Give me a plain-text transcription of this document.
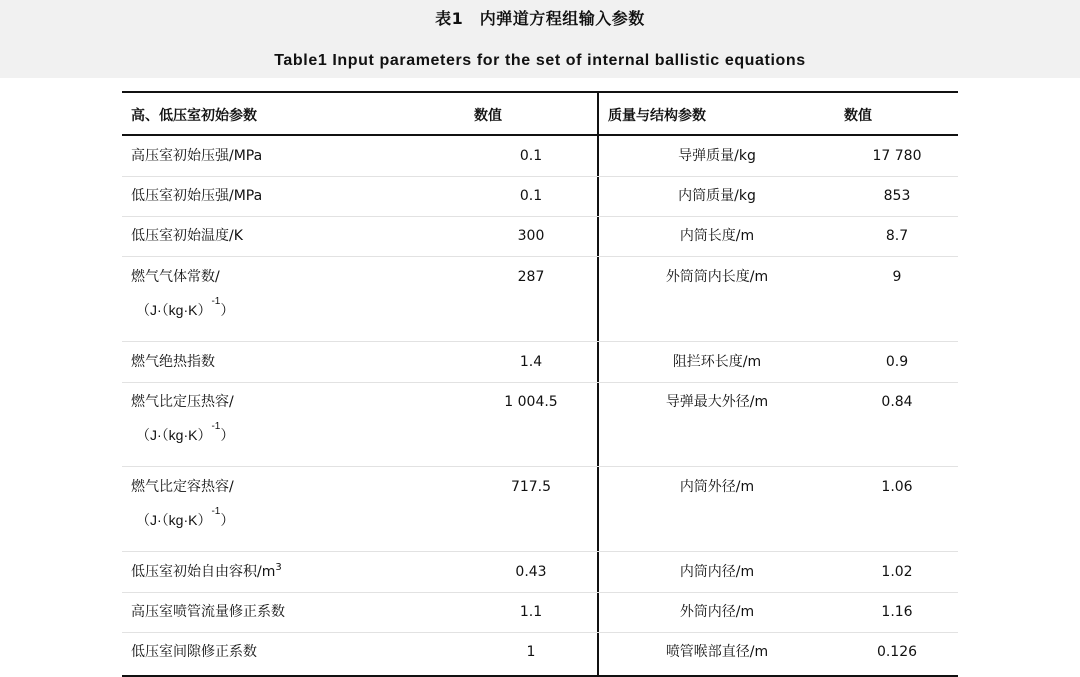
表1　内弹道方程组输入参数
Table1 Input parameters for the set of internal ballistic equations
高、低压室初始参数	数值	质量与结构参数	数值
高压室初始压强/MPa	0.1	导弹质量/kg	17 780
低压室初始压强/MPa	0.1	内筒质量/kg	853
低压室初始温度/K	300	内筒长度/m	8.7
燃气气体常数/
$(J\cdot(kg\cdot K)^{-1})$
287	外筒筒内长度/m	9
燃气绝热指数	1.4	阻拦环长度/m	0.9
燃气比定压热容/
$(J\cdot(kg\cdot K)^{-1})$
1 004.5	导弹最大外径/m	0.84
燃气比定容热容/
$(J\cdot(kg\cdot K)^{-1})$
717.5	内筒外径/m	1.06
低压室初始自由容积$/m^3$	0.43	内筒内径/m	1.02
高压室喷管流量修正系数	1.1	外筒内径/m	1.16
低压室间隙修正系数	1	喷管喉部直径/m	0.126
